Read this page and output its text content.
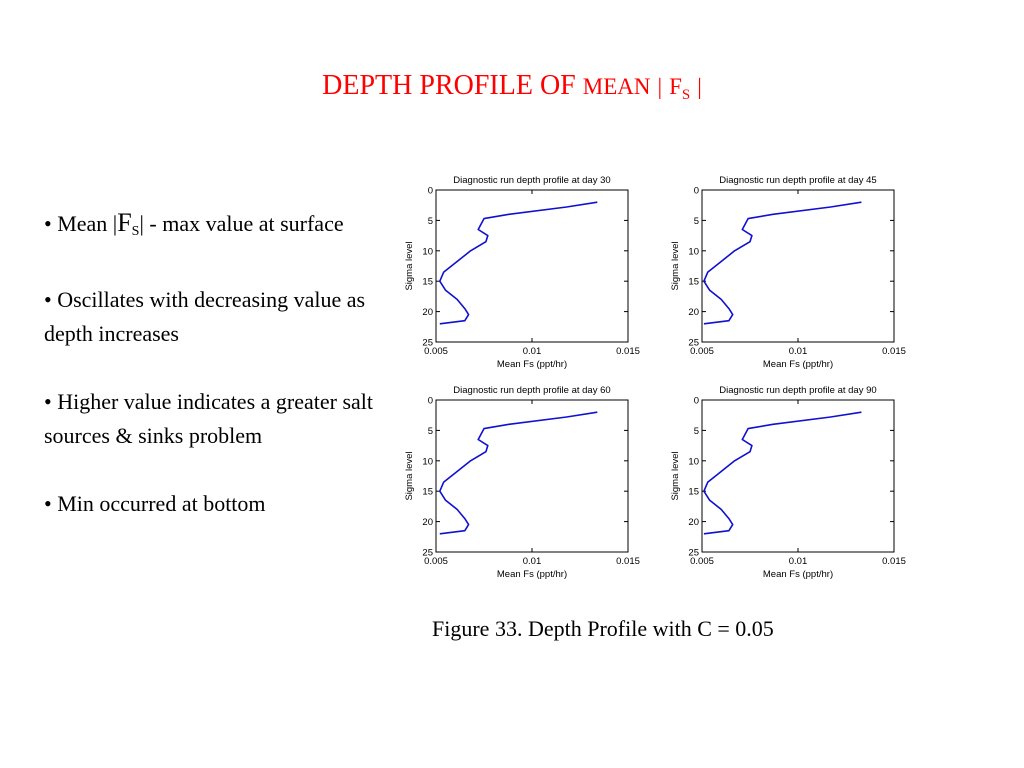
DEPTH PROFILE OF MEAN | $F_S$ |
• Mean $|F_S|$ - max value at surface
• Oscillates with decreasing value as depth increases
• Higher value indicates a greater salt sources & sinks problem
• Min occurred at bottom
Diagnostic run depth profile at day 30
0.005	0.01	0.015
0
5
10
15
20
25
Mean Fs (ppt/hr)
Sigma level
Diagnostic run depth profile at day 45
0.005	0.01	0.015
0
5
10
15
20
25
Mean Fs (ppt/hr)
Sigma level
Diagnostic run depth profile at day 60
0.005	0.01	0.015
0
5
10
15
20
25
Mean Fs (ppt/hr)
Sigma level
Diagnostic run depth profile at day 90
0.005	0.01	0.015
0
5
10
15
20
25
Mean Fs (ppt/hr)
Sigma level
Figure 33. Depth Profile with C = 0.05
